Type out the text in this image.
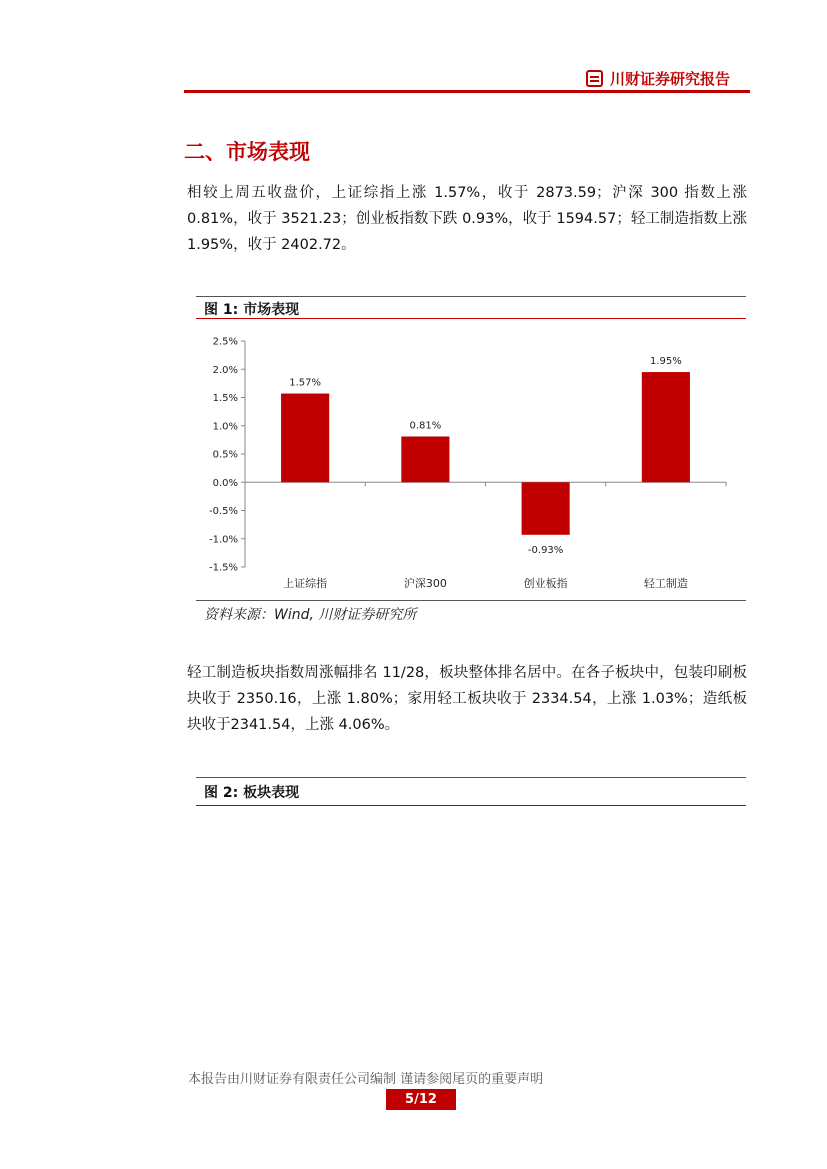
川财证券研究报告
二、市场表现
相较上周五收盘价，上证综指上涨 1.57%，收于 2873.59；沪深 300 指数上涨 0.81%，收于 3521.23；创业板指数下跌 0.93%，收于 1594.57；轻工制造指数上涨 1.95%，收于 2402.72。
图 1: 市场表现
2.5%
2.0%
1.5%
1.0%
0.5%
0.0%
-0.5%
-1.0%
-1.5%
1.57%
上证综指
0.81%
沪深300
-0.93%
创业板指
1.95%
轻工制造
资料来源：Wind, 川财证券研究所
轻工制造板块指数周涨幅排名 11/28，板块整体排名居中。在各子板块中，包装印刷板块收于 2350.16，上涨 1.80%；家用轻工板块收于 2334.54，上涨 1.03%；造纸板块收于2341.54，上涨 4.06%。
图 2: 板块表现
本报告由川财证券有限责任公司编制 谨请参阅尾页的重要声明
5/12
